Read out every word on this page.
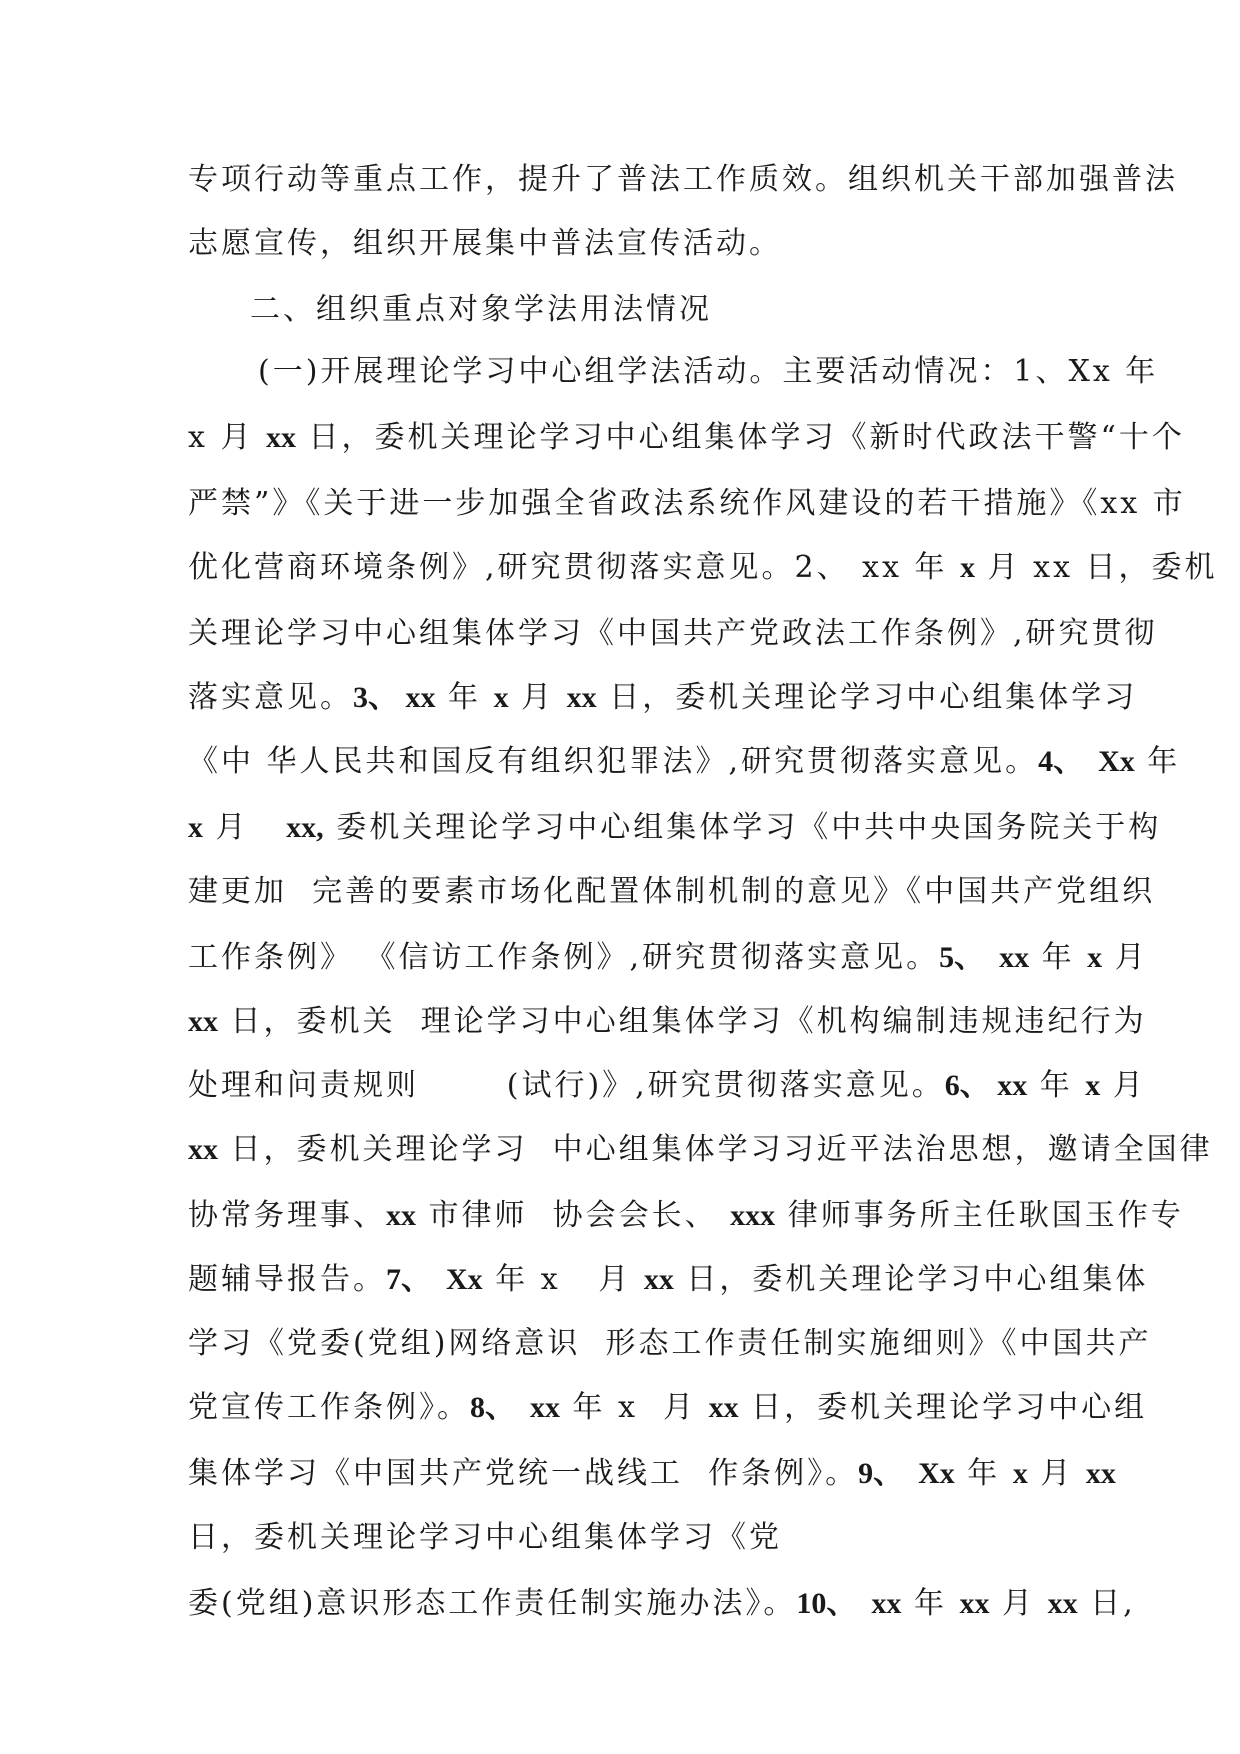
专项行动等重点工作，提升了普法工作质效。组织机关干部加强普法
志愿宣传，组织开展集中普法宣传活动。
二、组织重点对象学法用法情况
(一)开展理论学习中心组学法活动。主要活动情况：1、Xx 年
x 月 xx 日，委机关理论学习中心组集体学习《新时代政法干警“十个
严禁”》《关于进一步加强全省政法系统作风建设的若干措施》《xx 市
优化营商环境条例》,研究贯彻落实意见。2、 xx 年 x 月 xx 日，委机
关理论学习中心组集体学习《中国共产党政法工作条例》,研究贯彻
落实意见。3、 xx 年 x 月 xx 日，委机关理论学习中心组集体学习
《中 华人民共和国反有组织犯罪法》,研究贯彻落实意见。4、  Xx 年
x 月   xx, 委机关理论学习中心组集体学习《中共中央国务院关于构
建更加  完善的要素市场化配置体制机制的意见》《中国共产党组织
工作条例》 《信访工作条例》,研究贯彻落实意见。5、  xx 年 x 月
xx 日，委机关  理论学习中心组集体学习《机构编制违规违纪行为
处理和问责规则       (试行)》,研究贯彻落实意见。6、 xx 年 x 月
xx 日，委机关理论学习  中心组集体学习习近平法治思想，邀请全国律
协常务理事、xx 市律师  协会会长、 xxx 律师事务所主任耿国玉作专
题辅导报告。7、  Xx 年 x   月 xx 日，委机关理论学习中心组集体
学习《党委(党组)网络意识  形态工作责任制实施细则》《中国共产
党宣传工作条例》。8、  xx 年 x  月 xx 日，委机关理论学习中心组
集体学习《中国共产党统一战线工  作条例》。9、  Xx 年 x 月 xx
日，委机关理论学习中心组集体学习《党
委(党组)意识形态工作责任制实施办法》。10、  xx 年 xx 月 xx 日,
